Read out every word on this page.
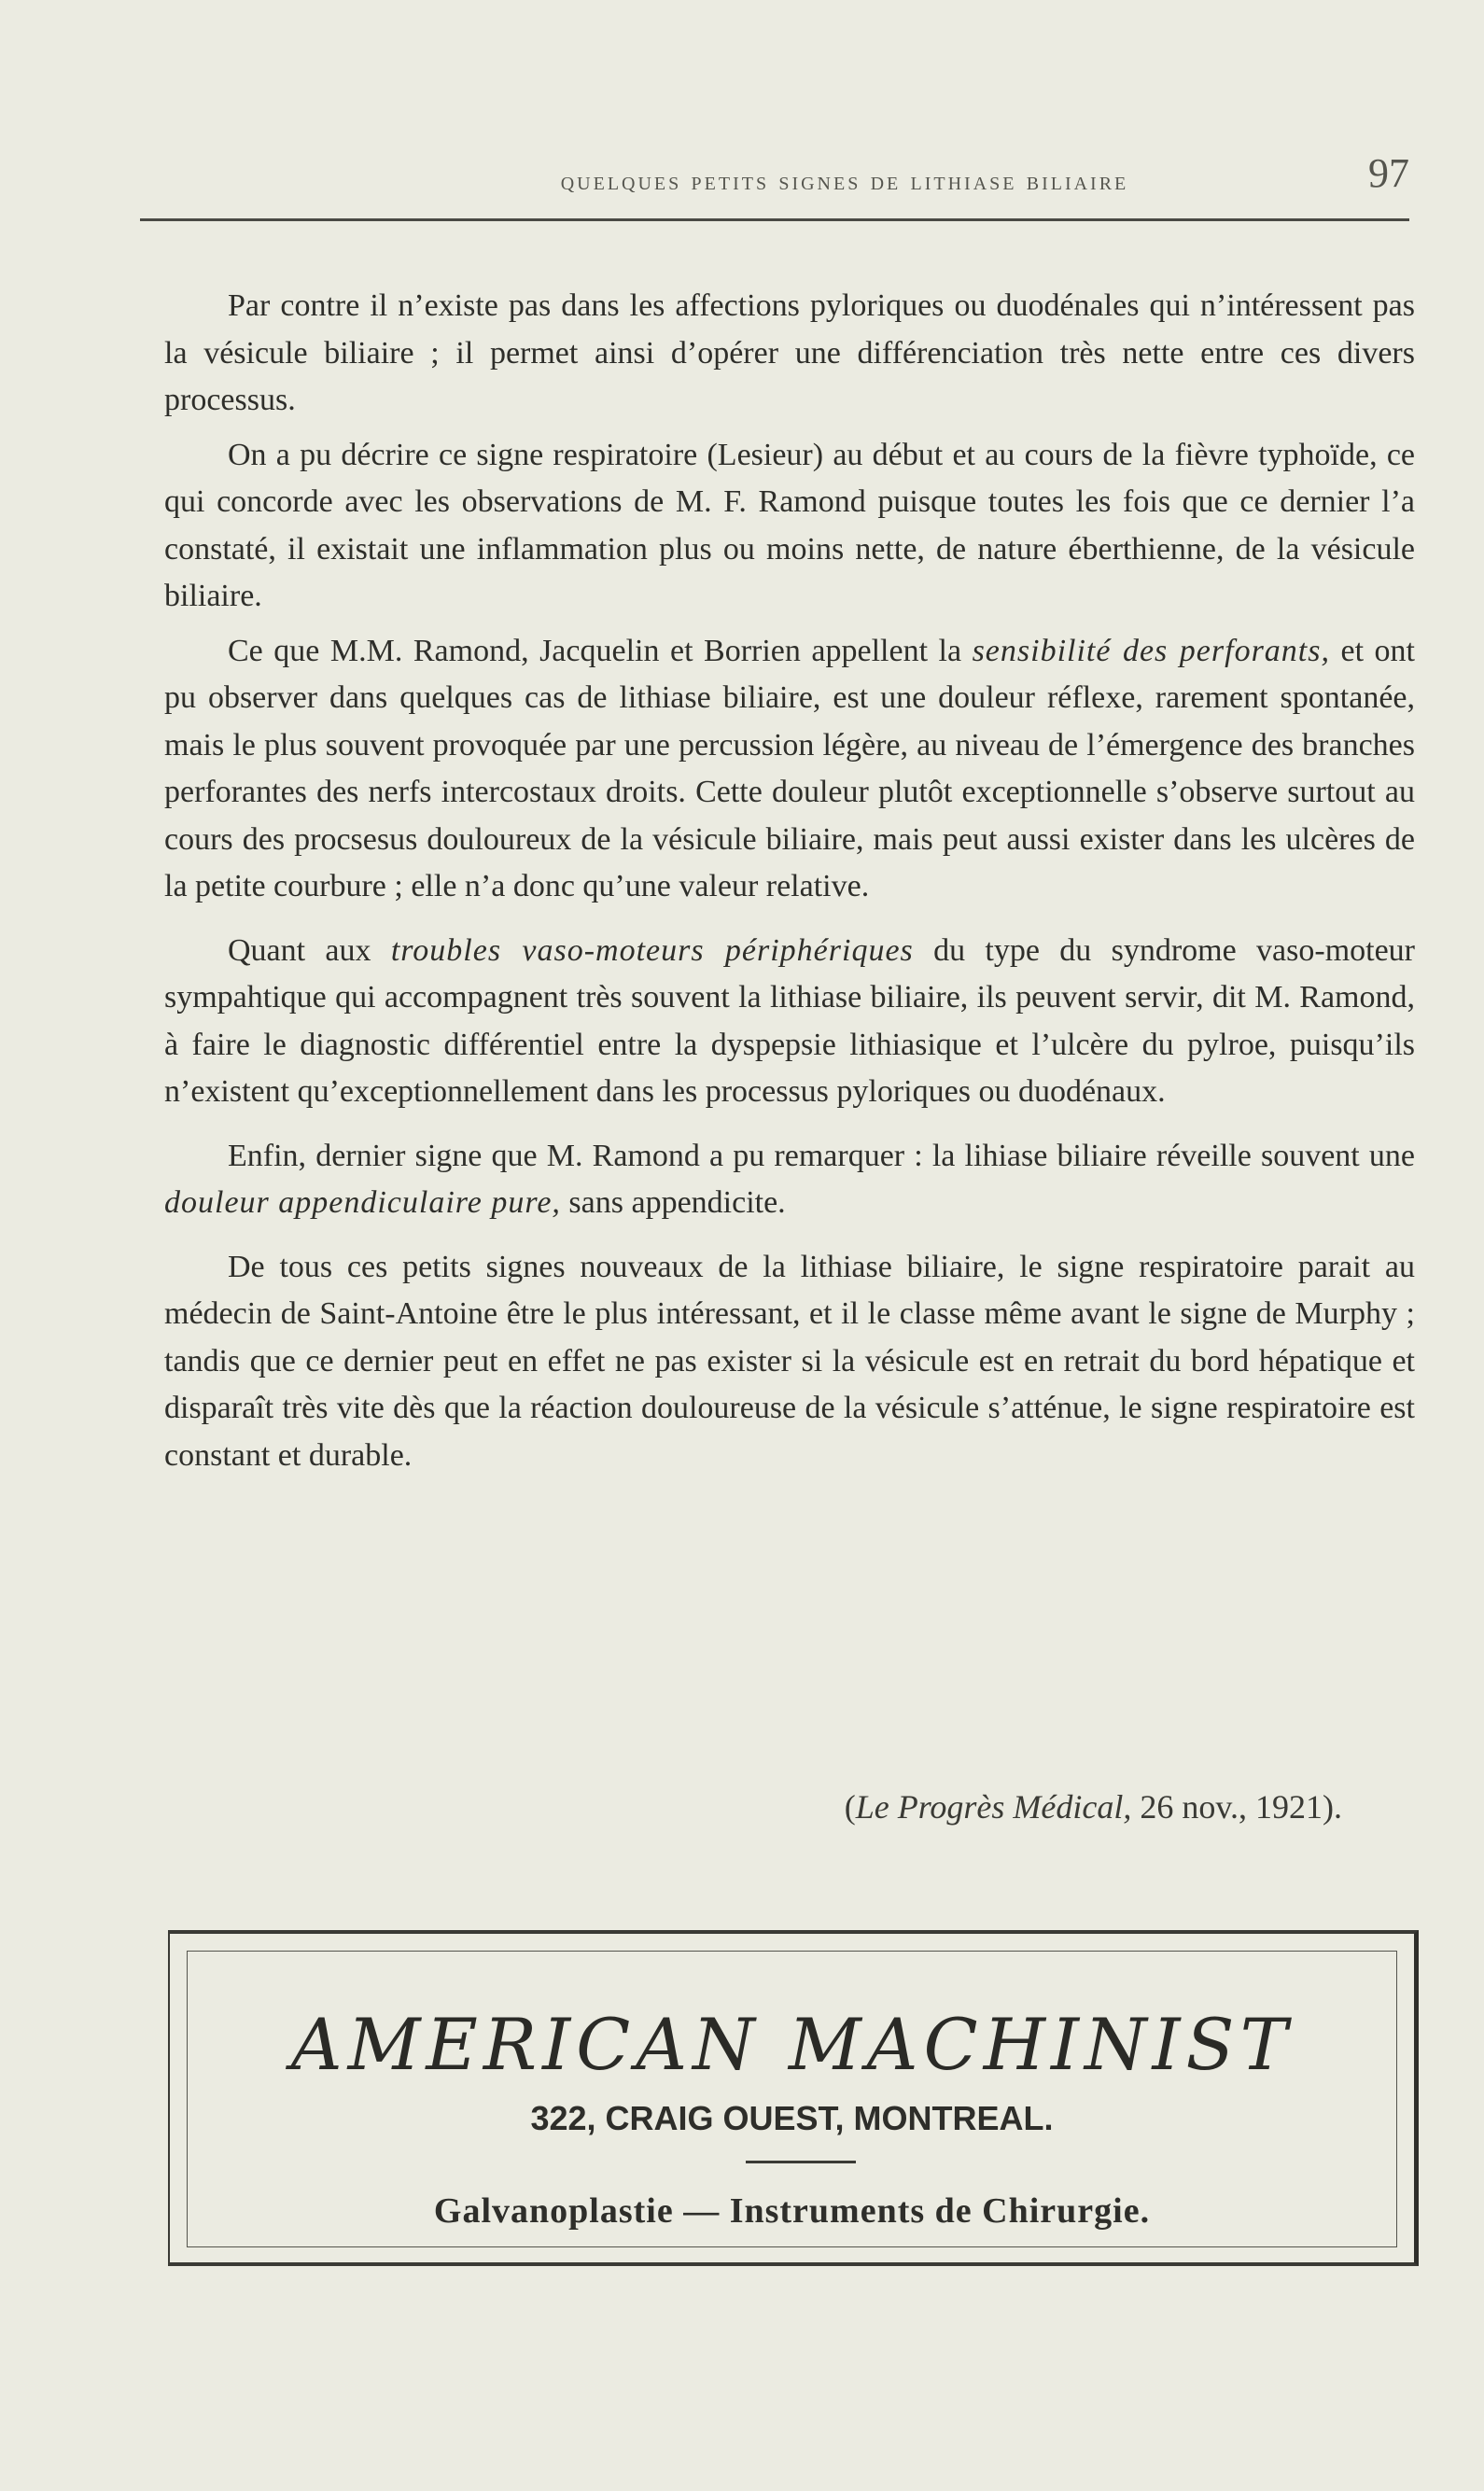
quelques petits signes de lithiase biliaire	97

Par contre il n’existe pas dans les affections pyloriques ou duodénales qui n’intéressent pas la vésicule biliaire ; il permet ainsi d’opérer une différenciation très nette entre ces divers processus.

On a pu décrire ce signe respiratoire (Lesieur) au début et au cours de la fièvre typhoïde, ce qui concorde avec les observations de M. F. Ramond puisque toutes les fois que ce dernier l’a constaté, il existait une inflammation plus ou moins nette, de nature éberthienne, de la vésicule biliaire.

Ce que M.M. Ramond, Jacquelin et Borrien appellent la sensibilité des perforants, et ont pu observer dans quelques cas de lithiase biliaire, est une douleur réflexe, rarement spontanée, mais le plus souvent provoquée par une percussion légère, au niveau de l’émergence des branches perforantes des nerfs intercostaux droits. Cette douleur plutôt exceptionnelle s’observe surtout au cours des procsesus douloureux de la vésicule biliaire, mais peut aussi exister dans les ulcères de la petite courbure ; elle n’a donc qu’une valeur relative.

Quant aux troubles vaso-moteurs périphériques du type du syndrome vaso-moteur sympahtique qui accompagnent très souvent la lithiase biliaire, ils peuvent servir, dit M. Ramond, à faire le diagnostic différentiel entre la dyspepsie lithiasique et l’ulcère du pylroe, puisqu’ils n’existent qu’exceptionnellement dans les processus pyloriques ou duodénaux.

Enfin, dernier signe que M. Ramond a pu remarquer : la lihiase biliaire réveille souvent une douleur appendiculaire pure, sans appendicite.

De tous ces petits signes nouveaux de la lithiase biliaire, le signe respiratoire parait au médecin de Saint-Antoine être le plus intéressant, et il le classe même avant le signe de Murphy ; tandis que ce dernier peut en effet ne pas exister si la vésicule est en retrait du bord hépatique et disparaît très vite dès que la réaction douloureuse de la vésicule s’atténue, le signe respiratoire est constant et durable.

(Le Progrès Médical, 26 nov., 1921).
AMERICAN MACHINIST
322, CRAIG OUEST, MONTREAL.
Galvanoplastie — Instruments de Chirurgie.
